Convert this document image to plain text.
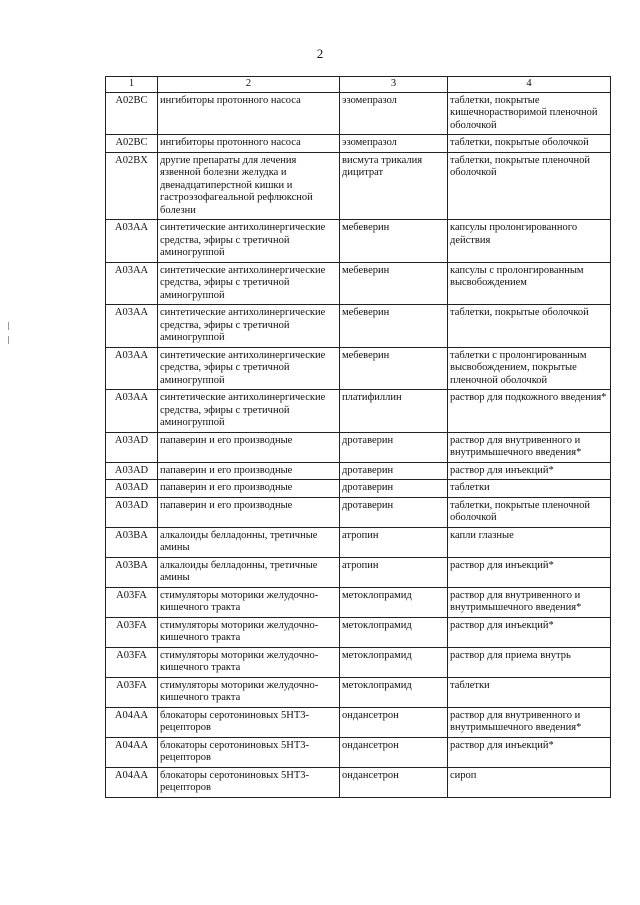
2
1	2	3	4
A02BC	ингибиторы протонного насоса	эзомепразол	таблетки, покрытые кишечнорастворимой пленочной оболочкой
A02BC	ингибиторы протонного насоса	эзомепразол	таблетки, покрытые оболочкой
A02BX	другие препараты для лечения язвенной болезни желудка и двенадцатиперстной кишки и гастроэзофагеальной рефлюксной болезни	висмута трикалия дицитрат	таблетки, покрытые пленочной оболочкой
A03AA	синтетические антихолинергические средства, эфиры с третичной аминогруппой	мебеверин	капсулы пролонгированного действия
A03AA	синтетические антихолинергические средства, эфиры с третичной аминогруппой	мебеверин	капсулы с пролонгированным высвобождением
A03AA	синтетические антихолинергические средства, эфиры с третичной аминогруппой	мебеверин	таблетки, покрытые оболочкой
A03AA	синтетические антихолинергические средства, эфиры с третичной аминогруппой	мебеверин	таблетки с пролонгированным высвобождением, покрытые пленочной оболочкой
A03AA	синтетические антихолинергические средства, эфиры с третичной аминогруппой	платифиллин	раствор для подкожного введения*
A03AD	папаверин и его производные	дротаверин	раствор для внутривенного и внутримышечного введения*
A03AD	папаверин и его производные	дротаверин	раствор для инъекций*
A03AD	папаверин и его производные	дротаверин	таблетки
A03AD	папаверин и его производные	дротаверин	таблетки, покрытые пленочной оболочкой
A03BA	алкалоиды белладонны, третичные амины	атропин	капли глазные
A03BA	алкалоиды белладонны, третичные амины	атропин	раствор для инъекций*
A03FA	стимуляторы моторики желудочно-кишечного тракта	метоклопрамид	раствор для внутривенного и внутримышечного введения*
A03FA	стимуляторы моторики желудочно-кишечного тракта	метоклопрамид	раствор для инъекций*
A03FA	стимуляторы моторики желудочно-кишечного тракта	метоклопрамид	раствор для приема внутрь
A03FA	стимуляторы моторики желудочно-кишечного тракта	метоклопрамид	таблетки
A04AA	блокаторы серотониновых 5HT3-рецепторов	ондансетрон	раствор для внутривенного и внутримышечного введения*
A04AA	блокаторы серотониновых 5HT3-рецепторов	ондансетрон	раствор для инъекций*
A04AA	блокаторы серотониновых 5HT3-рецепторов	ондансетрон	сироп
